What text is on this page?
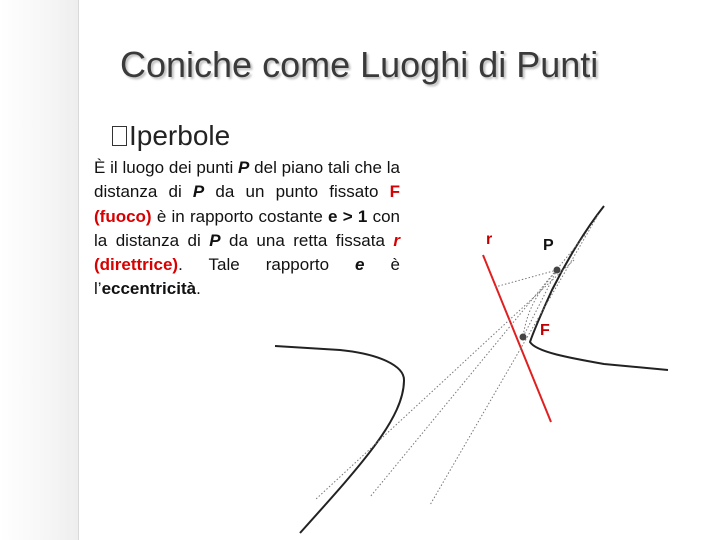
Coniche come Luoghi di Punti
Iperbole
È il luogo dei punti P del piano tali che la distanza di P da un punto fissato F (fuoco) è in rapporto costante e > 1 con la distanza di P da una retta fissata r (direttrice). Tale rapporto e è l’eccentricità.
r	P
F
